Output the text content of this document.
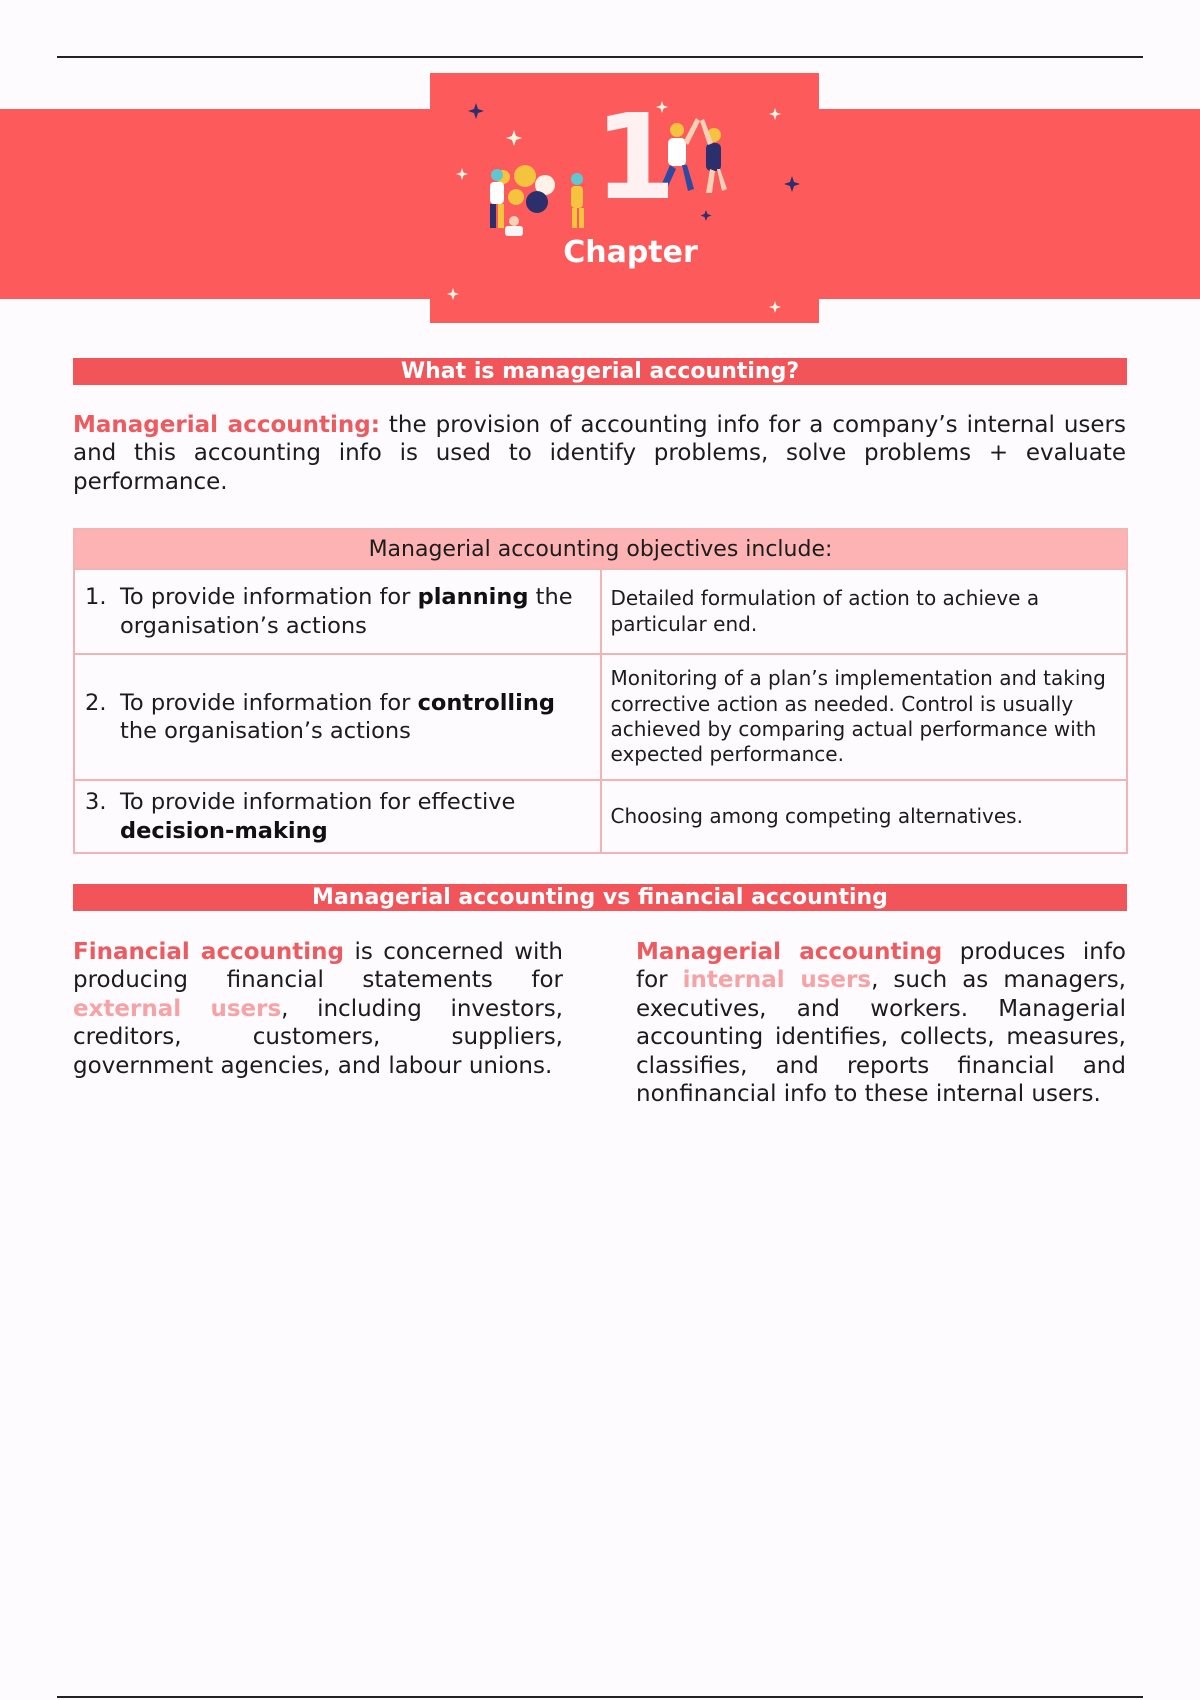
1
Chapter
What is managerial accounting?

Managerial accounting: the provision of accounting info for a company’s internal users and this accounting info is used to identify problems, solve problems + evaluate performance.

Managerial accounting objectives include:	

1. To provide information for planning the organisation’s actions	Detailed formulation of action to achieve a particular end.

2. To provide information for controlling the organisation’s actions	Monitoring of a plan’s implementation and taking corrective action as needed. Control is usually achieved by comparing actual performance with expected performance.

3. To provide information for effective decision-making	Choosing among competing alternatives.
Managerial accounting vs financial accounting

Financial accounting is concerned with producing financial statements for external users, including investors, creditors, customers, suppliers, government agencies, and labour unions.

Managerial accounting produces info for internal users, such as managers, executives, and workers. Managerial accounting identifies, collects, measures, classifies, and reports financial and nonfinancial info to these internal users.
